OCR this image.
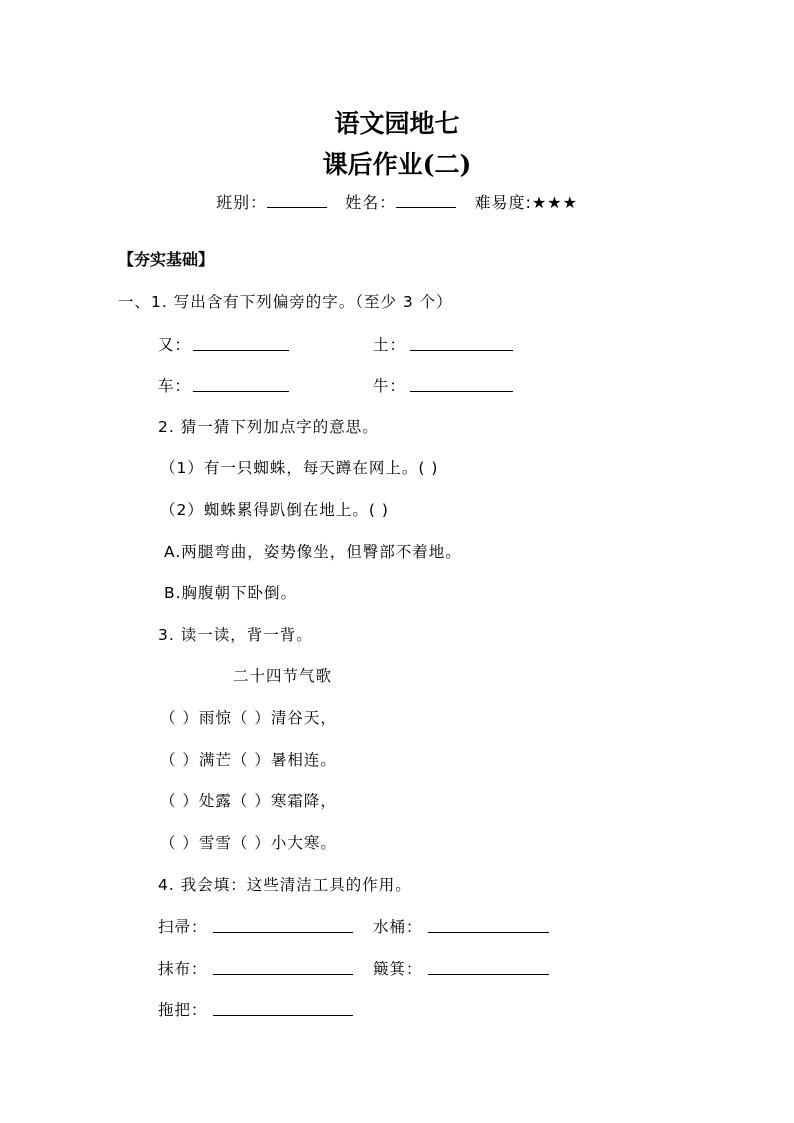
语文园地七
课后作业(二)
班别：	姓名：	难易度:★★★
【夯实基础】
一、1. 写出含有下列偏旁的字。（至少 3 个）
又：	土：
车：	牛：
2. 猜一猜下列加点字的意思。
（1）有一只蜘蛛，每天蹲在网上。( )
（2）蜘蛛累得趴倒在地上。( )
A.两腿弯曲，姿势像坐，但臀部不着地。
B.胸腹朝下卧倒。
3. 读一读，背一背。
二十四节气歌
（ ）雨惊（ ）清谷天，
（ ）满芒（ ）暑相连。
（ ）处露（ ）寒霜降，
（ ）雪雪（ ）小大寒。
4. 我会填：这些清洁工具的作用。
扫帚：	水桶：
抹布：	簸箕：
拖把：
